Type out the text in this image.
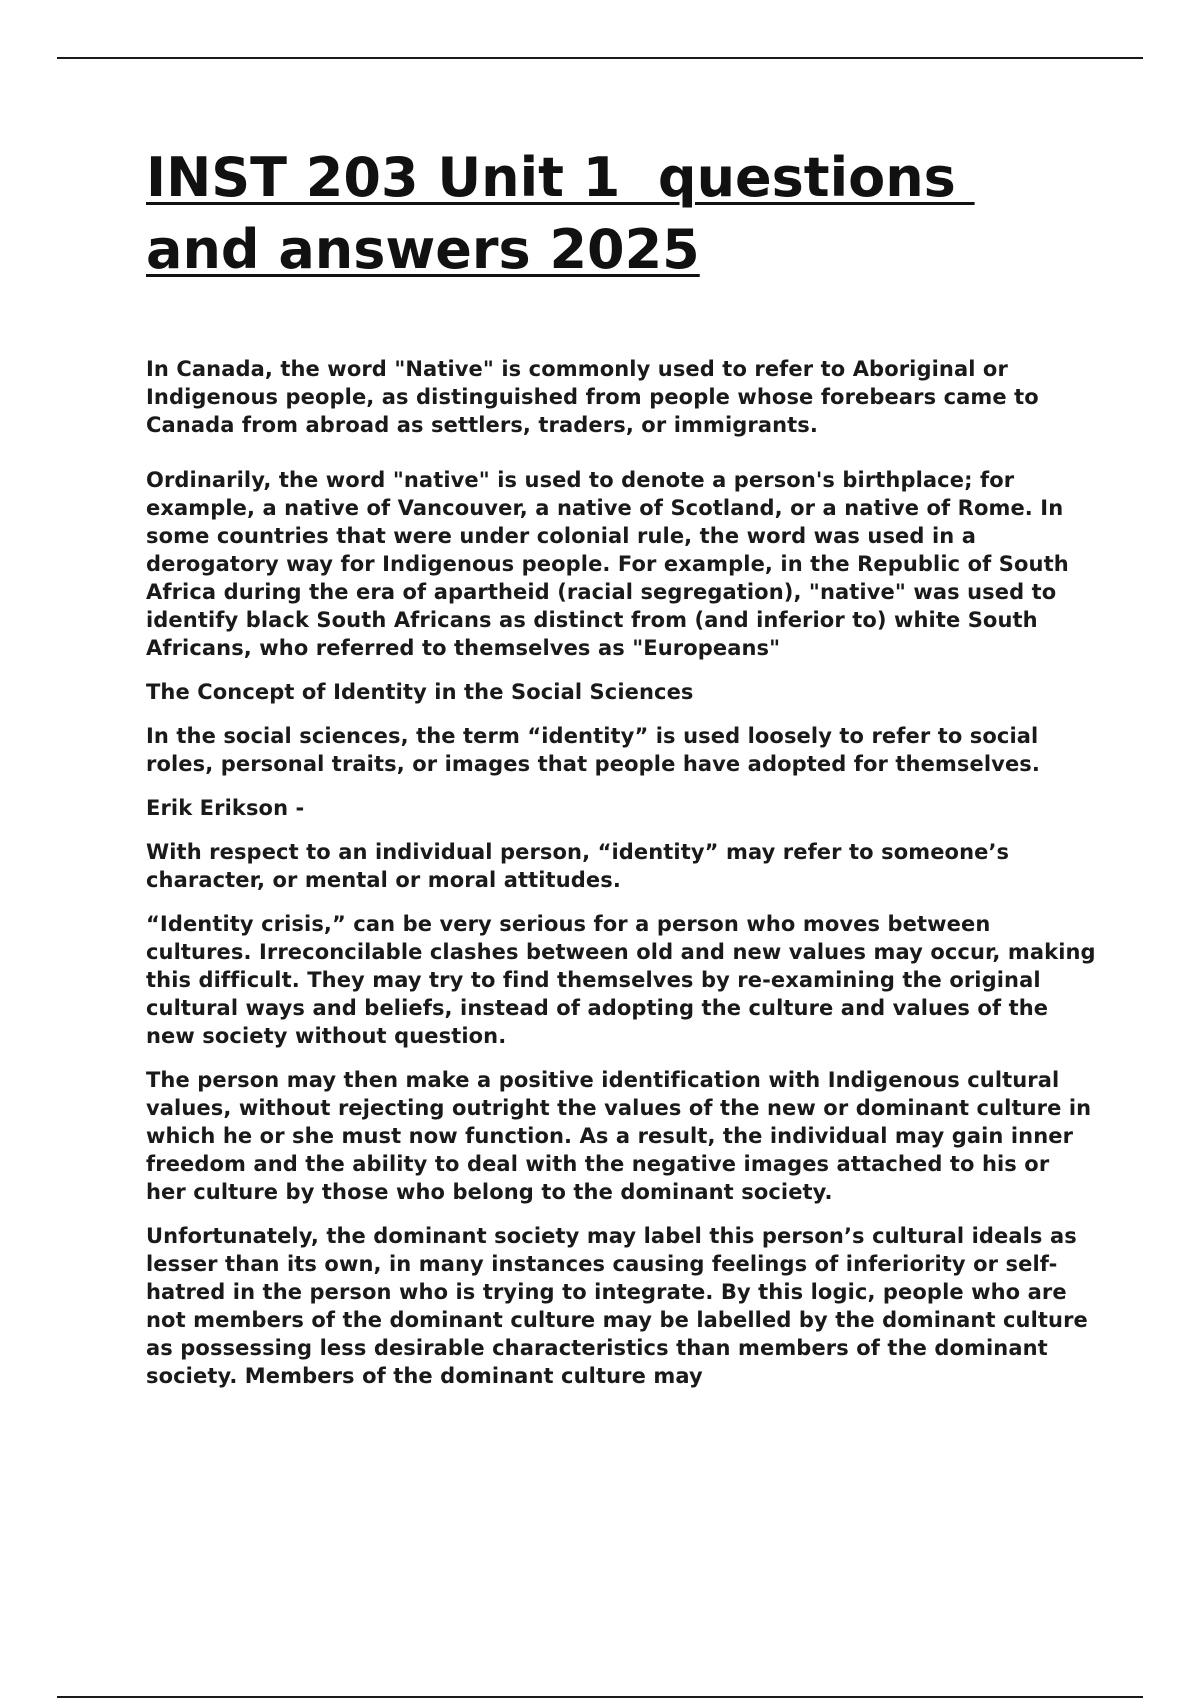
INST 203 Unit 1  questions
and answers 2025

In Canada, the word "Native" is commonly used to refer to Aboriginal or Indigenous people, as distinguished from people whose forebears came to Canada from abroad as settlers, traders, or immigrants.

Ordinarily, the word "native" is used to denote a person's birthplace; for example, a native of Vancouver, a native of Scotland, or a native of Rome. In some countries that were under colonial rule, the word was used in a derogatory way for Indigenous people. For example, in the Republic of South Africa during the era of apartheid (racial segregation), "native" was used to identify black South Africans as distinct from (and inferior to) white South Africans, who referred to themselves as "Europeans"

The Concept of Identity in the Social Sciences

In the social sciences, the term “identity” is used loosely to refer to social roles, personal traits, or images that people have adopted for themselves.

Erik Erikson -

With respect to an individual person, “identity” may refer to someone’s character, or mental or moral attitudes.

“Identity crisis,” can be very serious for a person who moves between cultures. Irreconcilable clashes between old and new values may occur, making this difficult. They may try to find themselves by re-examining the original cultural ways and beliefs, instead of adopting the culture and values of the new society without question.

The person may then make a positive identification with Indigenous cultural values, without rejecting outright the values of the new or dominant culture in which he or she must now function. As a result, the individual may gain inner freedom and the ability to deal with the negative images attached to his or her culture by those who belong to the dominant society.

Unfortunately, the dominant society may label this person’s cultural ideals as lesser than its own, in many instances causing feelings of inferiority or self-hatred in the person who is trying to integrate. By this logic, people who are not members of the dominant culture may be labelled by the dominant culture as possessing less desirable characteristics than members of the dominant society. Members of the dominant culture may
